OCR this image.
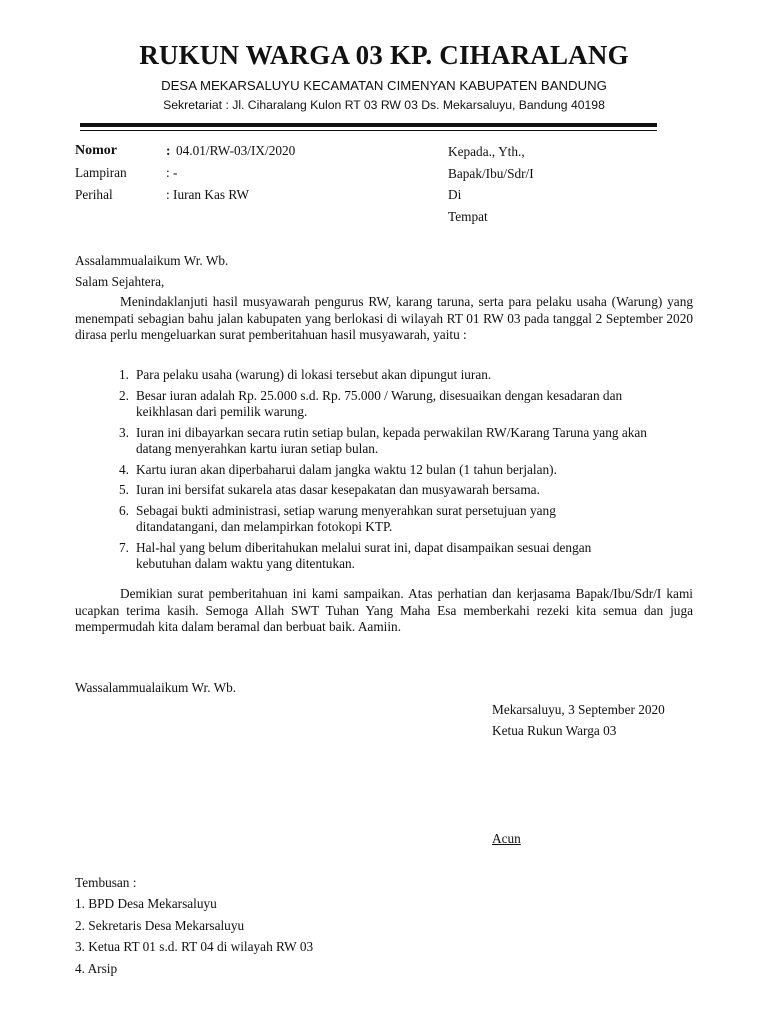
RUKUN WARGA 03 KP. CIHARALANG
DESA MEKARSALUYU KECAMATAN CIMENYAN KABUPATEN BANDUNG
Sekretariat : Jl. Ciharalang Kulon RT 03 RW 03 Ds. Mekarsaluyu, Bandung 40198
Nomor	: 04.01/RW-03/IX/2020
Lampiran	: -
Perihal	: Iuran Kas RW
Kepada., Yth.,
Bapak/Ibu/Sdr/I
Di
Tempat
Assalammualaikum Wr. Wb.
Salam Sejahtera,
Menindaklanjuti hasil musyawarah pengurus RW, karang taruna, serta para pelaku usaha (Warung) yang menempati sebagian bahu jalan kabupaten yang berlokasi di wilayah RT 01 RW 03 pada tanggal 2 September 2020 dirasa perlu mengeluarkan surat pemberitahuan hasil musyawarah, yaitu :
1. Para pelaku usaha (warung) di lokasi tersebut akan dipungut iuran.
2. Besar iuran adalah Rp. 25.000 s.d. Rp. 75.000 / Warung, disesuaikan dengan kesadaran dan keikhlasan dari pemilik warung.
3. Iuran ini dibayarkan secara rutin setiap bulan, kepada perwakilan RW/Karang Taruna yang akan datang menyerahkan kartu iuran setiap bulan.
4. Kartu iuran akan diperbaharui dalam jangka waktu 12 bulan (1 tahun berjalan).
5. Iuran ini bersifat sukarela atas dasar kesepakatan dan musyawarah bersama.
6. Sebagai bukti administrasi, setiap warung menyerahkan surat persetujuan yang ditandatangani, dan melampirkan fotokopi KTP.
7. Hal-hal yang belum diberitahukan melalui surat ini, dapat disampaikan sesuai dengan kebutuhan dalam waktu yang ditentukan.
Demikian surat pemberitahuan ini kami sampaikan. Atas perhatian dan kerjasama Bapak/Ibu/Sdr/I kami ucapkan terima kasih. Semoga Allah SWT Tuhan Yang Maha Esa memberkahi rezeki kita semua dan juga mempermudah kita dalam beramal dan berbuat baik. Aamiin.
Wassalammualaikum Wr. Wb.
Mekarsaluyu, 3 September 2020
Ketua Rukun Warga 03
Acun
Tembusan :
1. BPD Desa Mekarsaluyu
2. Sekretaris Desa Mekarsaluyu
3. Ketua RT 01 s.d. RT 04 di wilayah RW 03
4. Arsip
